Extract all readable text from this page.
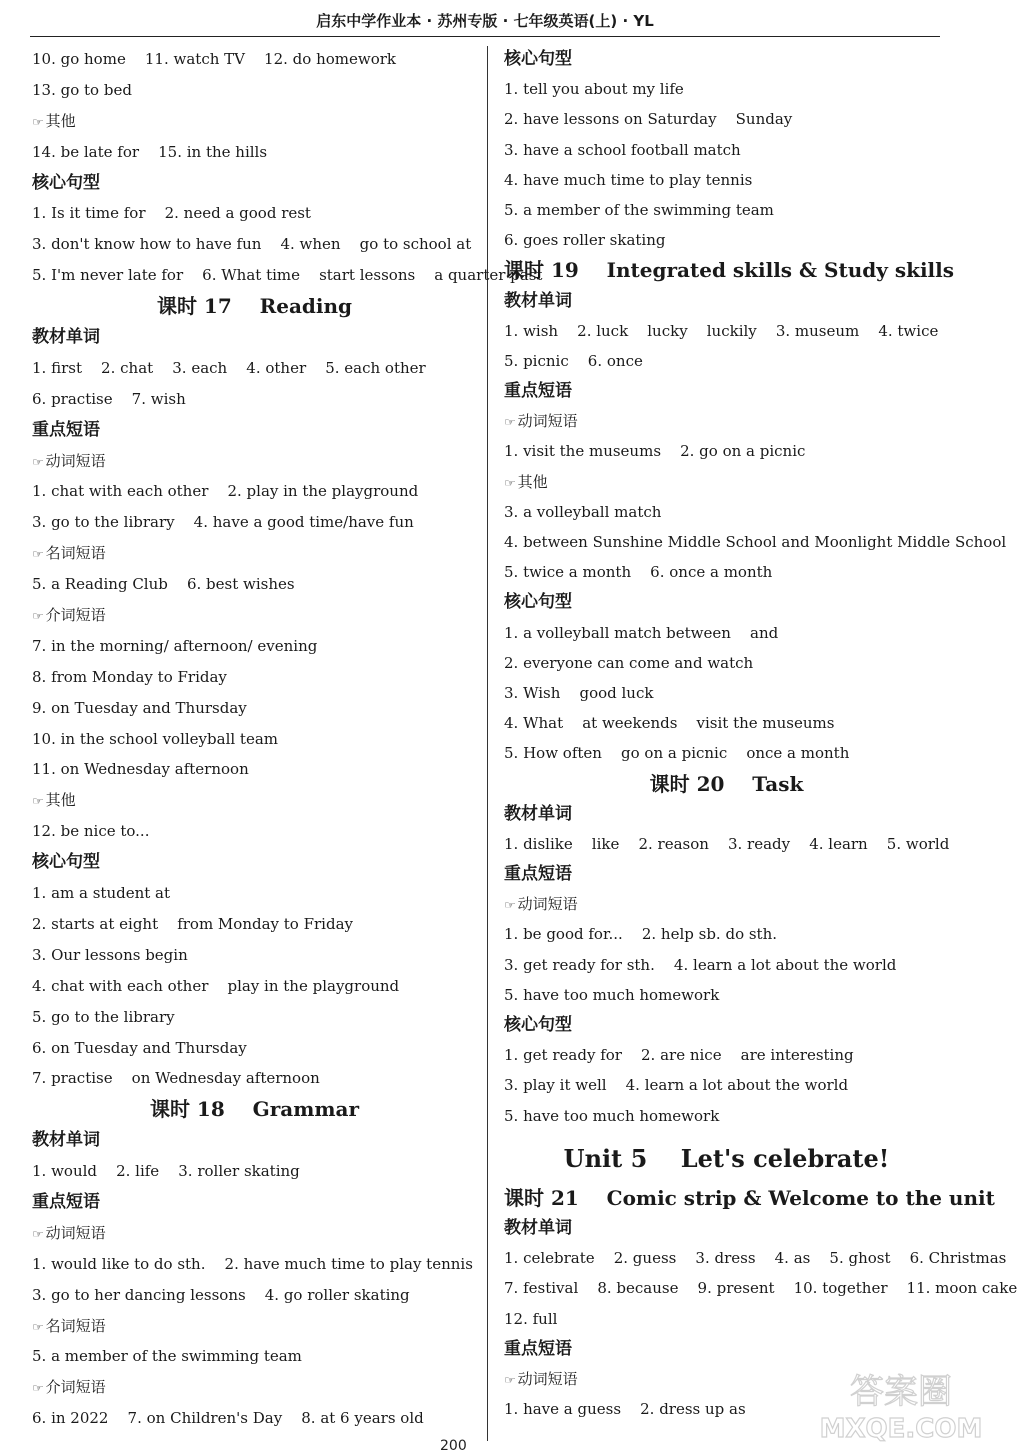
启东中学作业本 · 苏州专版 · 七年级英语(上) · YL
10. go home    11. watch TV    12. do homework
13. go to bed
☞ 其他
14. be late for    15. in the hills
核心句型
1. Is it time for    2. need a good rest
3. don't know how to have fun    4. when    go to school at
5. I'm never late for    6. What time    start lessons    a quarter past
课时 17    Reading
教材单词
1. first    2. chat    3. each    4. other    5. each other
6. practise    7. wish
重点短语
☞ 动词短语
1. chat with each other    2. play in the playground
3. go to the library    4. have a good time/have fun
☞ 名词短语
5. a Reading Club    6. best wishes
☞ 介词短语
7. in the morning/ afternoon/ evening
8. from Monday to Friday
9. on Tuesday and Thursday
10. in the school volleyball team
11. on Wednesday afternoon
☞ 其他
12. be nice to...
核心句型
1. am a student at
2. starts at eight    from Monday to Friday
3. Our lessons begin
4. chat with each other    play in the playground
5. go to the library
6. on Tuesday and Thursday
7. practise    on Wednesday afternoon
课时 18    Grammar
教材单词
1. would    2. life    3. roller skating
重点短语
☞ 动词短语
1. would like to do sth.    2. have much time to play tennis
3. go to her dancing lessons    4. go roller skating
☞ 名词短语
5. a member of the swimming team
☞ 介词短语
6. in 2022    7. on Children's Day    8. at 6 years old
核心句型
1. tell you about my life
2. have lessons on Saturday    Sunday
3. have a school football match
4. have much time to play tennis
5. a member of the swimming team
6. goes roller skating
课时 19    Integrated skills & Study skills
教材单词
1. wish    2. luck    lucky    luckily    3. museum    4. twice
5. picnic    6. once
重点短语
☞ 动词短语
1. visit the museums    2. go on a picnic
☞ 其他
3. a volleyball match
4. between Sunshine Middle School and Moonlight Middle School
5. twice a month    6. once a month
核心句型
1. a volleyball match between    and
2. everyone can come and watch
3. Wish    good luck
4. What    at weekends    visit the museums
5. How often    go on a picnic    once a month
课时 20    Task
教材单词
1. dislike    like    2. reason    3. ready    4. learn    5. world
重点短语
☞ 动词短语
1. be good for...    2. help sb. do sth.
3. get ready for sth.    4. learn a lot about the world
5. have too much homework
核心句型
1. get ready for    2. are nice    are interesting
3. play it well    4. learn a lot about the world
5. have too much homework
Unit 5    Let's celebrate!
课时 21    Comic strip & Welcome to the unit
教材单词
1. celebrate    2. guess    3. dress    4. as    5. ghost    6. Christmas
7. festival    8. because    9. present    10. together    11. moon cake
12. full
重点短语
☞ 动词短语
1. have a guess    2. dress up as
200
答案圈
MXQE.COM
